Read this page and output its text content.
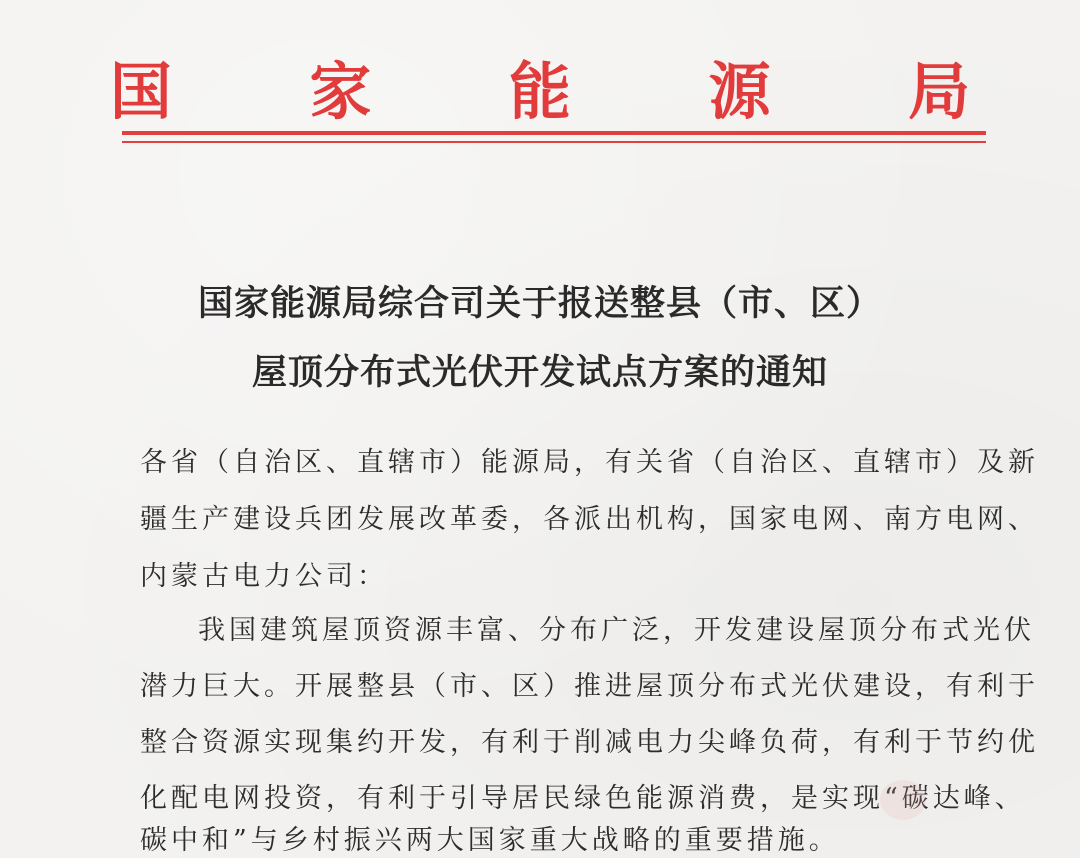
国 家 能 源 局
国家能源局综合司关于报送整县（市、区）
屋顶分布式光伏开发试点方案的通知
各省（自治区、直辖市）能源局，有关省（自治区、直辖市）及新
疆生产建设兵团发展改革委，各派出机构，国家电网、南方电网、
内蒙古电力公司：
我国建筑屋顶资源丰富、分布广泛，开发建设屋顶分布式光伏
潜力巨大。开展整县（市、区）推进屋顶分布式光伏建设，有利于
整合资源实现集约开发，有利于削减电力尖峰负荷，有利于节约优
化配电网投资，有利于引导居民绿色能源消费，是实现“碳达峰、
碳中和”与乡村振兴两大国家重大战略的重要措施。
